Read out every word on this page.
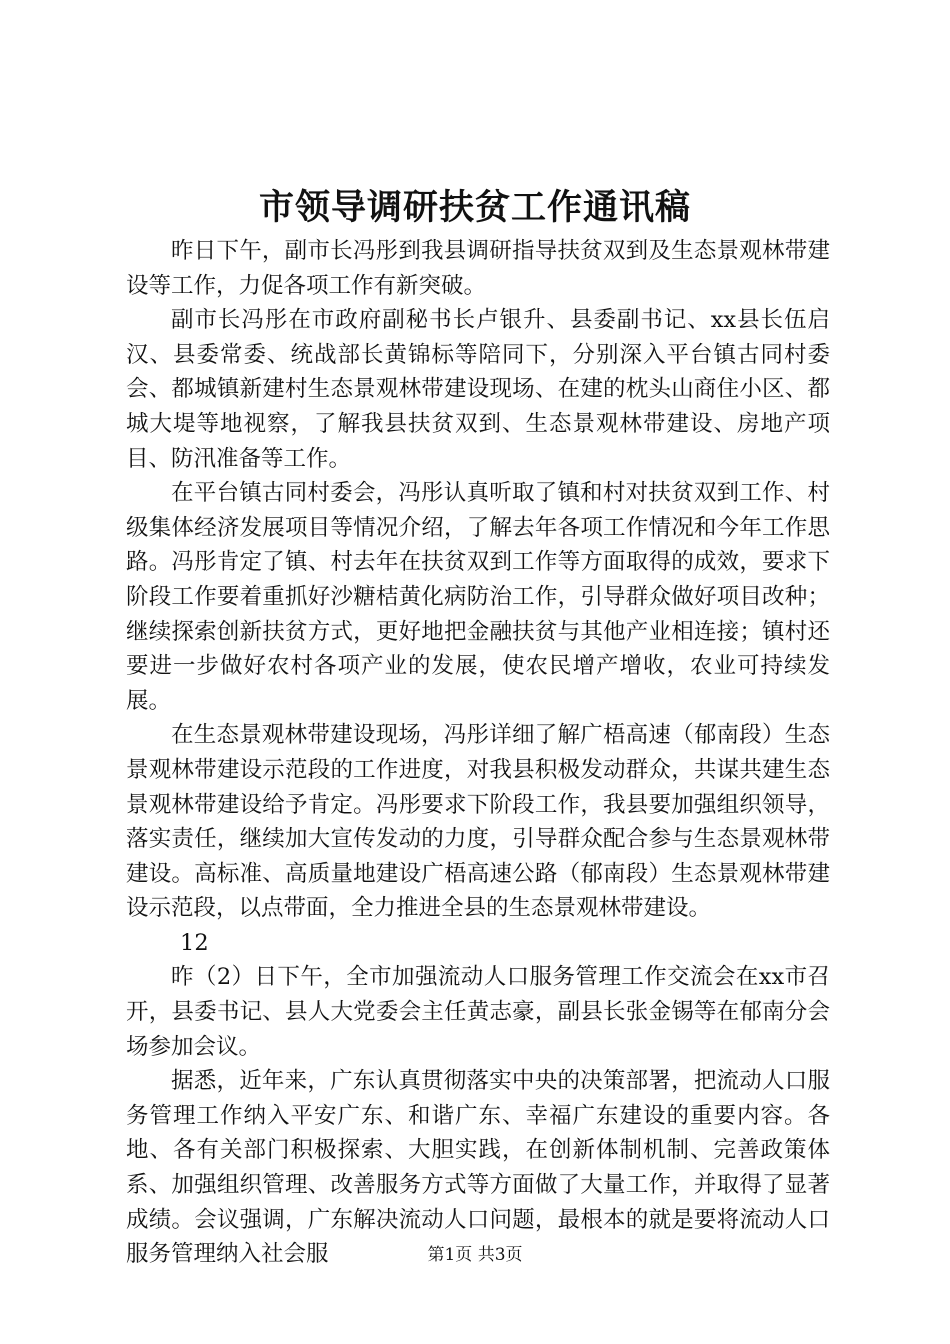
市领导调研扶贫工作通讯稿

昨日下午，副市长冯彤到我县调研指导扶贫双到及生态景观林带建设等工作，力促各项工作有新突破。

副市长冯彤在市政府副秘书长卢银升、县委副书记、xx县长伍启汉、县委常委、统战部长黄锦标等陪同下，分别深入平台镇古同村委会、都城镇新建村生态景观林带建设现场、在建的枕头山商住小区、都城大堤等地视察，了解我县扶贫双到、生态景观林带建设、房地产项目、防汛准备等工作。

在平台镇古同村委会，冯彤认真听取了镇和村对扶贫双到工作、村级集体经济发展项目等情况介绍，了解去年各项工作情况和今年工作思路。冯彤肯定了镇、村去年在扶贫双到工作等方面取得的成效，要求下阶段工作要着重抓好沙糖桔黄化病防治工作，引导群众做好项目改种；继续探索创新扶贫方式，更好地把金融扶贫与其他产业相连接；镇村还要进一步做好农村各项产业的发展，使农民增产增收，农业可持续发展。

在生态景观林带建设现场，冯彤详细了解广梧高速（郁南段）生态景观林带建设示范段的工作进度，对我县积极发动群众，共谋共建生态景观林带建设给予肯定。冯彤要求下阶段工作，我县要加强组织领导，落实责任，继续加大宣传发动的力度，引导群众配合参与生态景观林带建设。高标准、高质量地建设广梧高速公路（郁南段）生态景观林带建设示范段，以点带面，全力推进全县的生态景观林带建设。

12

昨（2）日下午，全市加强流动人口服务管理工作交流会在xx市召开，县委书记、县人大党委会主任黄志豪，副县长张金锡等在郁南分会场参加会议。

据悉，近年来，广东认真贯彻落实中央的决策部署，把流动人口服务管理工作纳入平安广东、和谐广东、幸福广东建设的重要内容。各地、各有关部门积极探索、大胆实践，在创新体制机制、完善政策体系、加强组织管理、改善服务方式等方面做了大量工作，并取得了显著成绩。会议强调，广东解决流动人口问题，最根本的就是要将流动人口服务管理纳入社会服	第1页 共3页
